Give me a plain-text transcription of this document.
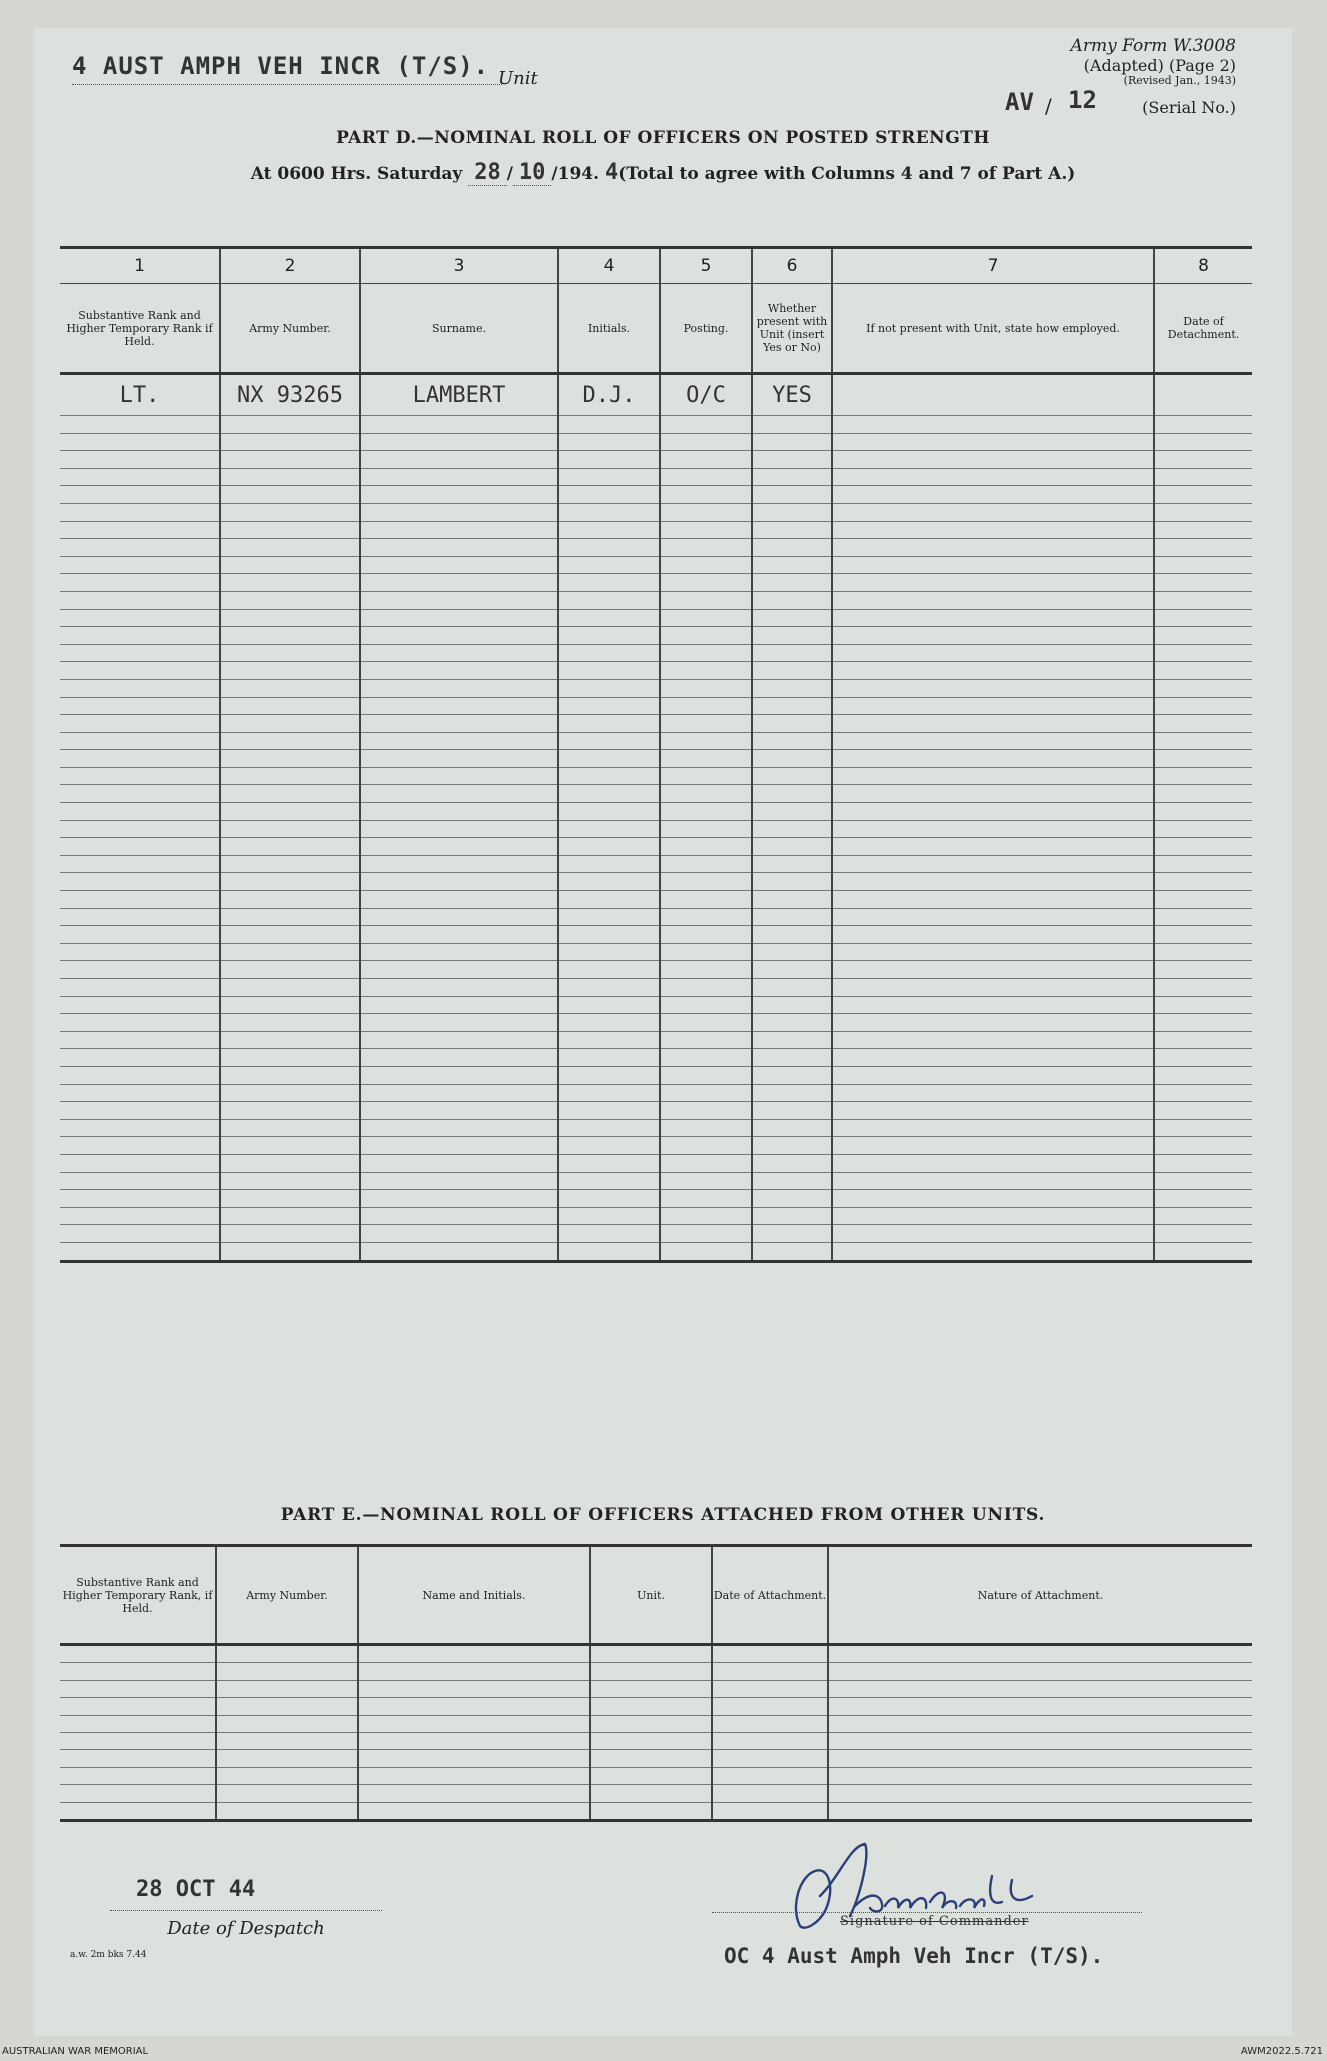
4 AUST AMPH VEH INCR (T/S). Unit
Army Form W.3008
(Adapted) (Page 2)
(Revised Jan., 1943)
AV / 12	(Serial No.)
PART D.—NOMINAL ROLL OF OFFICERS ON POSTED STRENGTH
At 0600 Hrs. Saturday 28 / 10 /194. 4(Total to agree with Columns 4 and 7 of Part A.)
1	2	3	4	5	6	7	8
Substantive Rank and Higher Temporary Rank if Held.	Army Number.	Surname.	Initials.	Posting.	Whether present with Unit (insert Yes or No)	If not present with Unit, state how employed.	Date of Detachment.
LT.	NX 93265	LAMBERT	D.J.	O/C	YES		

PART E.—NOMINAL ROLL OF OFFICERS ATTACHED FROM OTHER UNITS.
Substantive Rank and Higher Temporary Rank, if Held.	Army Number.	Name and Initials.	Unit.	Date of Attachment.	Nature of Attachment.

28 OCT 44
Date of Despatch
a.w. 2m bks 7.44
Signature of Commander
OC 4 Aust Amph Veh Incr (T/S).
AUSTRALIAN WAR MEMORIAL	AWM2022.5.721
